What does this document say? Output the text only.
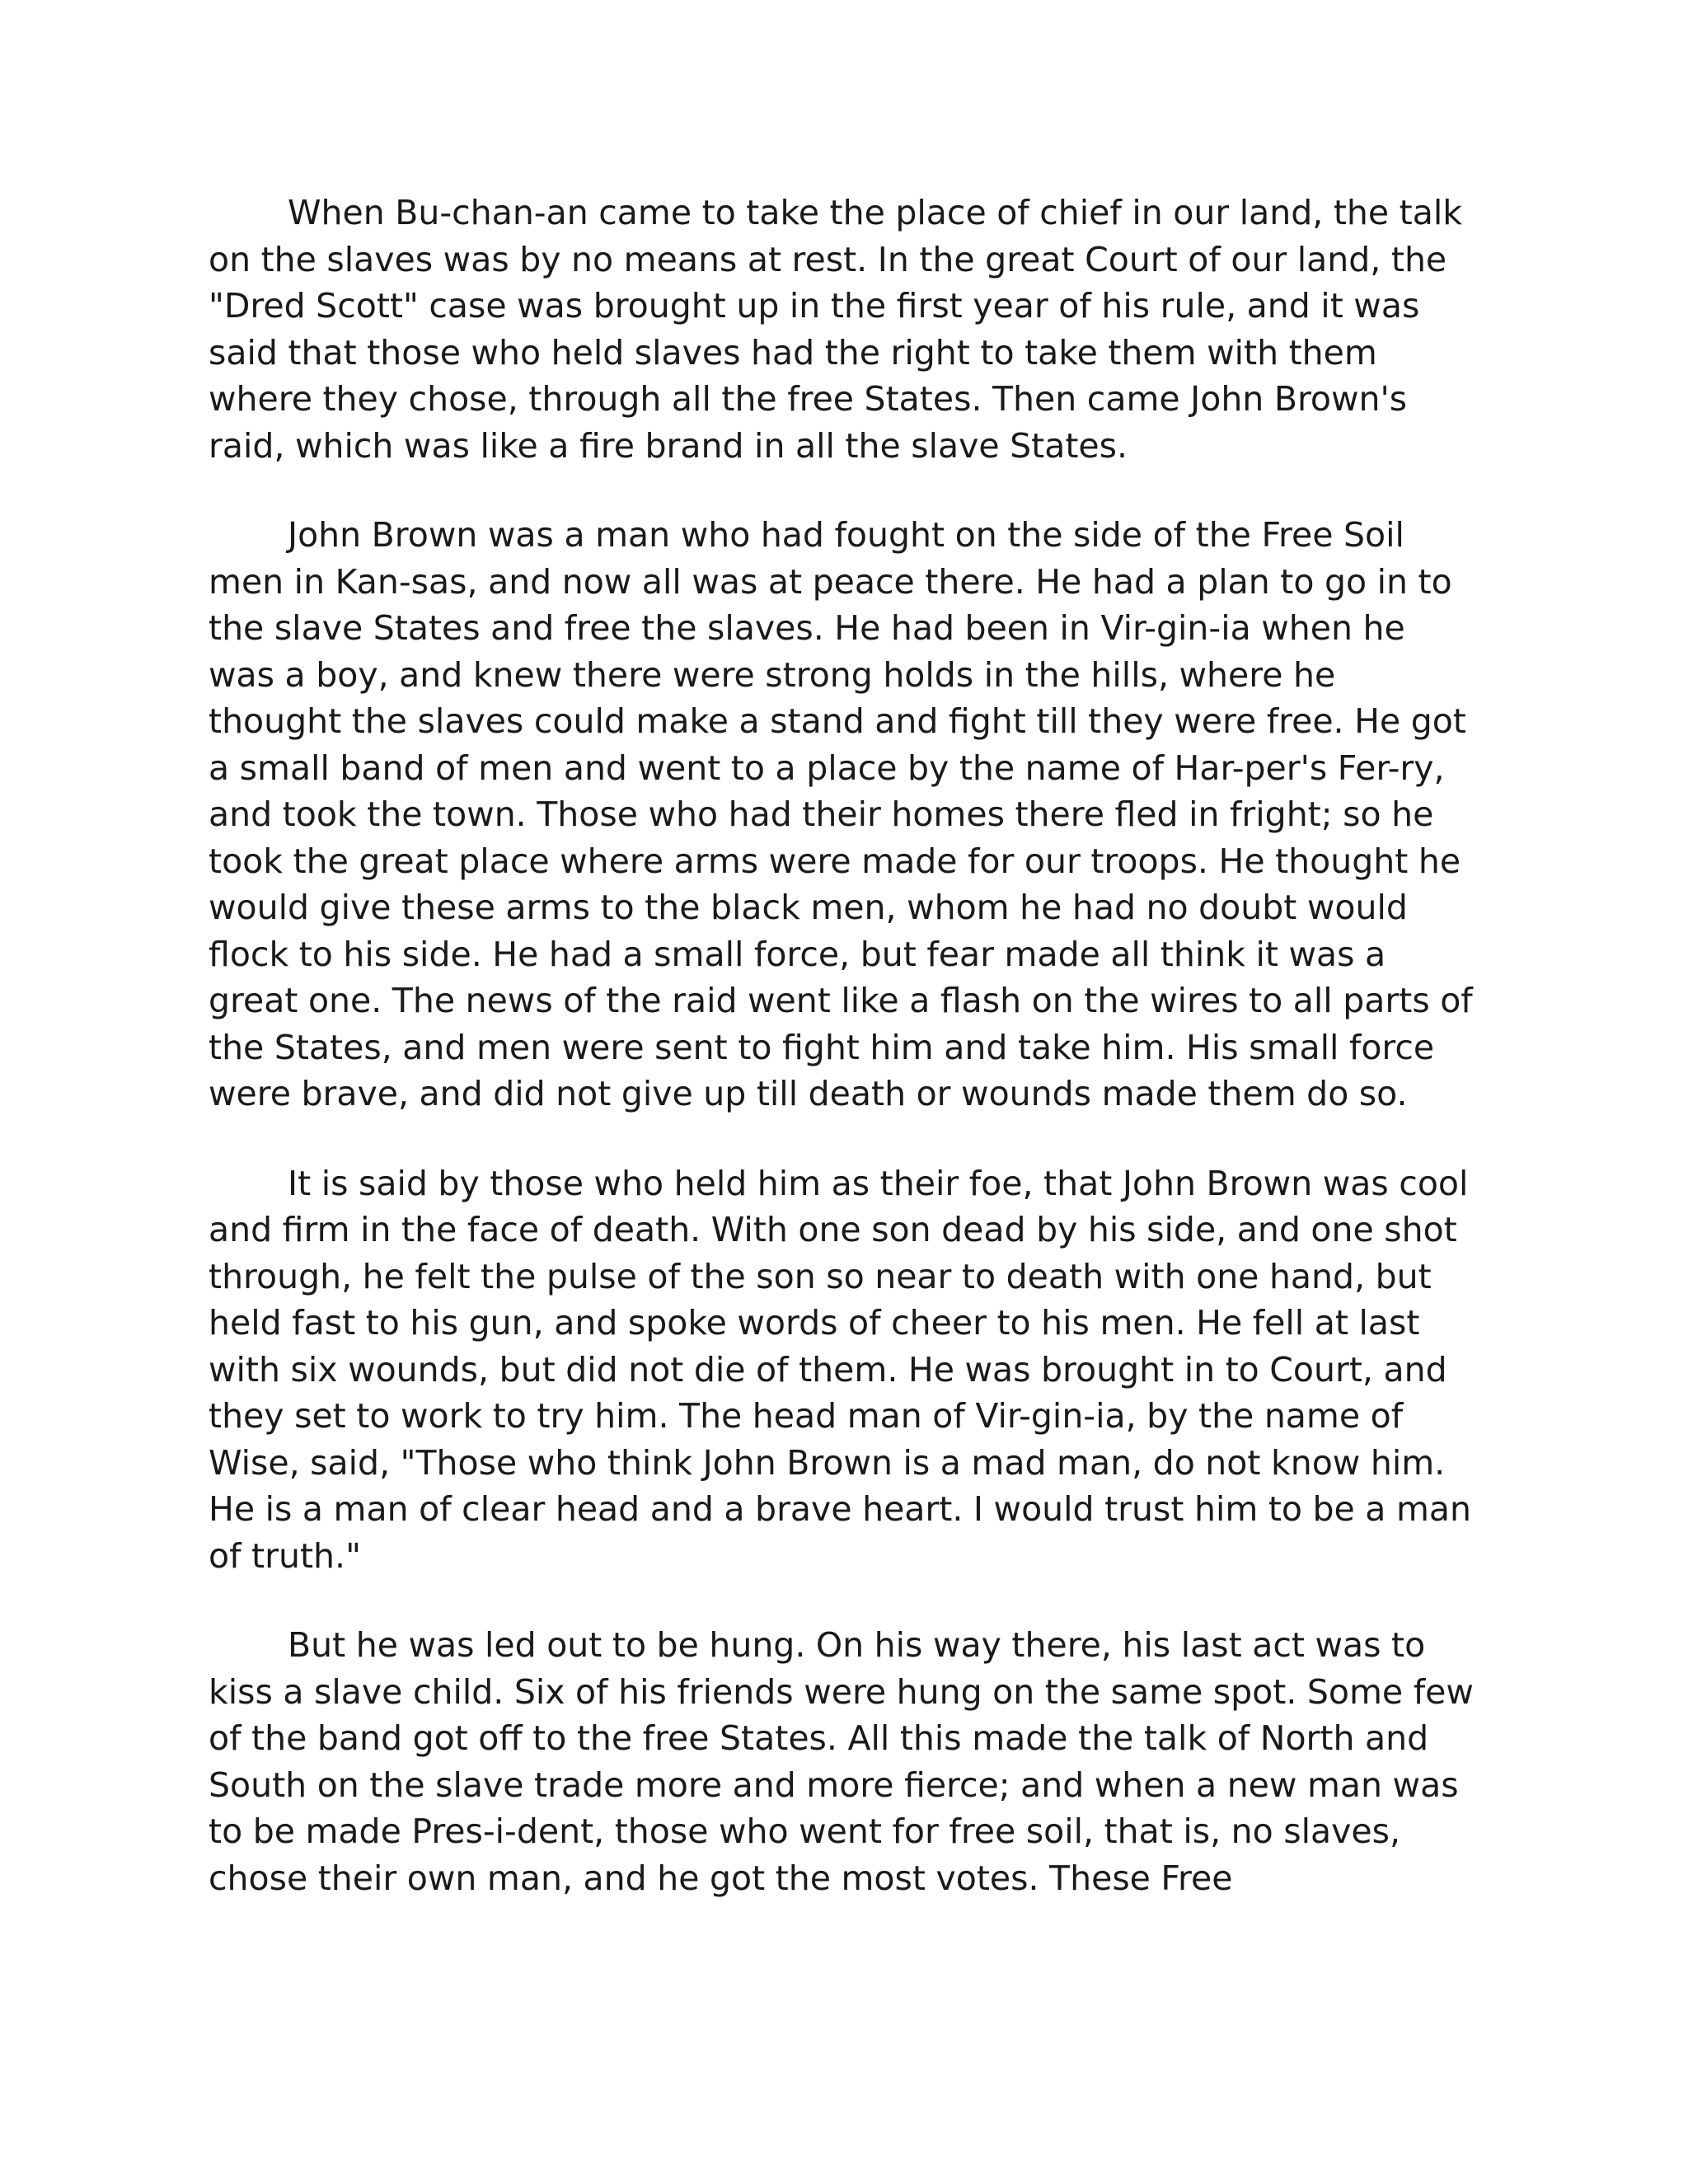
When Bu-chan-an came to take the place of chief in our land, the talk on the slaves was by no means at rest. In the great Court of our land, the "Dred Scott" case was brought up in the first year of his rule, and it was said that those who held slaves had the right to take them with them where they chose, through all the free States. Then came John Brown's raid, which was like a fire brand in all the slave States.

John Brown was a man who had fought on the side of the Free Soil men in Kan-sas, and now all was at peace there. He had a plan to go in to the slave States and free the slaves. He had been in Vir-gin-ia when he was a boy, and knew there were strong holds in the hills, where he thought the slaves could make a stand and fight till they were free. He got a small band of men and went to a place by the name of Har-per's Fer-ry, and took the town. Those who had their homes there fled in fright; so he took the great place where arms were made for our troops. He thought he would give these arms to the black men, whom he had no doubt would flock to his side. He had a small force, but fear made all think it was a great one. The news of the raid went like a flash on the wires to all parts of the States, and men were sent to fight him and take him. His small force were brave, and did not give up till death or wounds made them do so.

It is said by those who held him as their foe, that John Brown was cool and firm in the face of death. With one son dead by his side, and one shot through, he felt the pulse of the son so near to death with one hand, but held fast to his gun, and spoke words of cheer to his men. He fell at last with six wounds, but did not die of them. He was brought in to Court, and they set to work to try him. The head man of Vir-gin-ia, by the name of Wise, said, "Those who think John Brown is a mad man, do not know him. He is a man of clear head and a brave heart. I would trust him to be a man of truth."

But he was led out to be hung. On his way there, his last act was to kiss a slave child. Six of his friends were hung on the same spot. Some few of the band got off to the free States. All this made the talk of North and South on the slave trade more and more fierce; and when a new man was to be made Pres-i-dent, those who went for free soil, that is, no slaves, chose their own man, and he got the most votes. These Free
